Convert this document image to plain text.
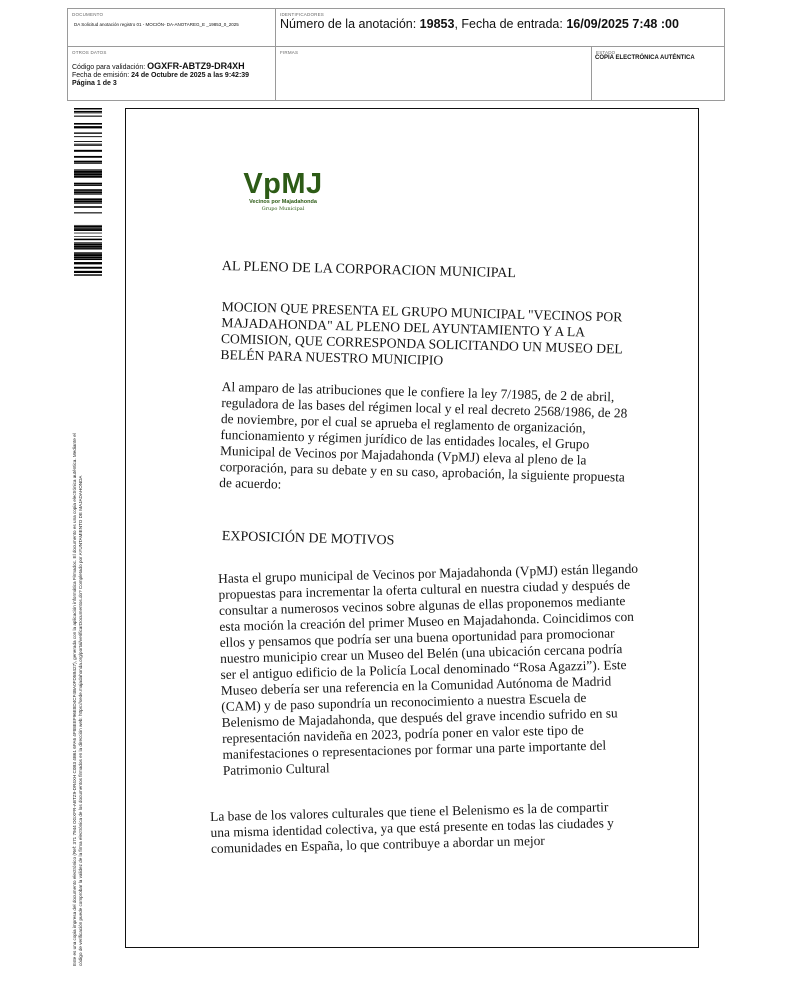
DOCUMENTO
DA Solicitud anotación registro 01 - MOCIÓN- DA-ANOTAREG_E _19853_0_2025
IDENTIFICADORES
Número de la anotación: 19853, Fecha de entrada: 16/09/2025 7:48 :00
OTROS DATOS
Código para validación: OGXFR-ABTZ9-DR4XH
Fecha de emisión: 24 de Octubre de 2025 a las 9:42:39
Página 1 de 3
FIRMAS	ESTADO
COPIA ELECTRÓNICA AUTÉNTICA
Este es una copia impresa del documento electrónico (Ref: 371 7944 OGXFR-ABTZ9-DR4XH C0B3 4B61 6FA6 4F88EEF96E8D4CF4BA0FD5B427), generada con la aplicación informática Firmadoc. El documento es una copia electrónica auténtica. Mediante el código de verificación puede comprobar la validez de la firma electrónica de los documentos firmados en la dirección web: https://sede.majadahonda.org/portal/verificarDocumentos.do? Completado por AYUNTAMIENTO DE MAJADAHONDA
VpMJ
Vecinos por Majadahonda
Grupo Municipal
AL PLENO DE LA CORPORACION MUNICIPAL
MOCION QUE PRESENTA EL GRUPO MUNICIPAL "VECINOS POR MAJADAHONDA" AL PLENO DEL AYUNTAMIENTO Y A LA COMISION, QUE CORRESPONDA SOLICITANDO UN MUSEO DEL BELÉN PARA NUESTRO MUNICIPIO
Al amparo de las atribuciones que le confiere la ley 7/1985, de 2 de abril, reguladora de las bases del régimen local y el real decreto 2568/1986, de 28 de noviembre, por el cual se aprueba el reglamento de organización, funcionamiento y régimen jurídico de las entidades locales, el Grupo Municipal de Vecinos por Majadahonda (VpMJ) eleva al pleno de la corporación, para su debate y en su caso, aprobación, la siguiente propuesta de acuerdo:
EXPOSICIÓN DE MOTIVOS
Hasta el grupo municipal de Vecinos por Majadahonda (VpMJ) están llegando propuestas para incrementar la oferta cultural en nuestra ciudad y después de consultar a numerosos vecinos sobre algunas de ellas proponemos mediante esta moción la creación del primer Museo en Majadahonda. Coincidimos con ellos y pensamos que podría ser una buena oportunidad para promocionar nuestro municipio crear un Museo del Belén (una ubicación cercana podría ser el antiguo edificio de la Policía Local denominado “Rosa Agazzi”). Este Museo debería ser una referencia en la Comunidad Autónoma de Madrid (CAM) y de paso supondría un reconocimiento a nuestra Escuela de Belenismo de Majadahonda, que después del grave incendio sufrido en su representación navideña en 2023, podría poner en valor este tipo de manifestaciones o representaciones por formar una parte importante del Patrimonio Cultural
La base de los valores culturales que tiene el Belenismo es la de compartir una misma identidad colectiva, ya que está presente en todas las ciudades y comunidades en España, lo que contribuye a abordar un mejor
